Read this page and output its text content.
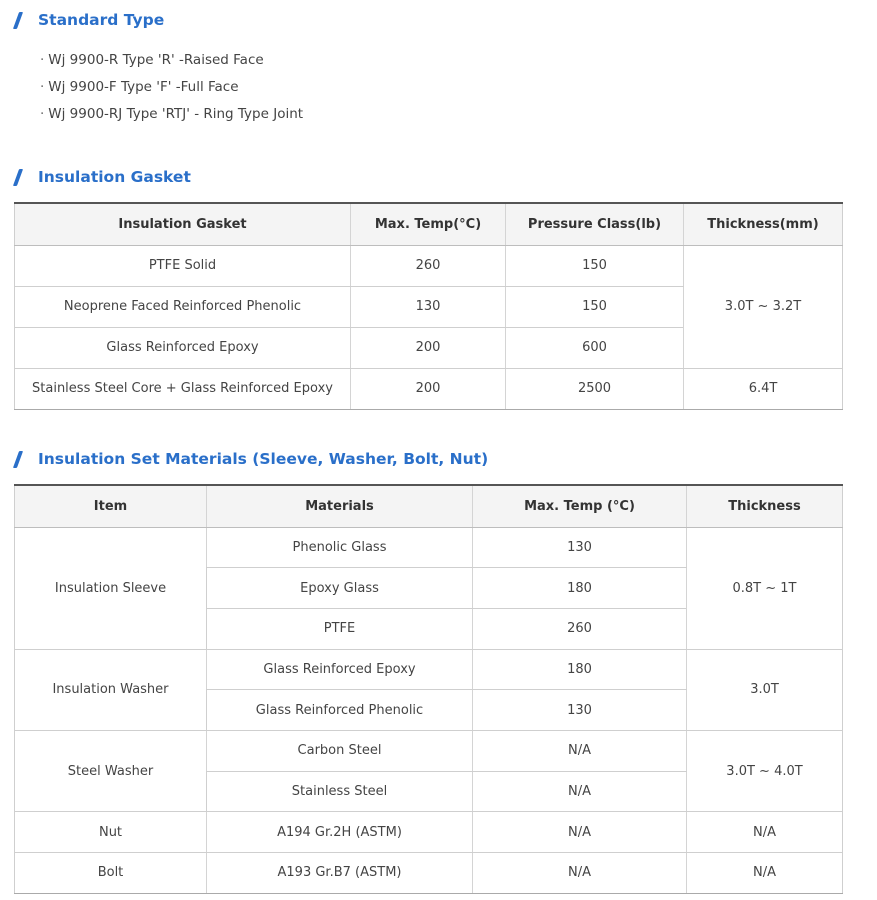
Standard Type
· Wj 9900-R Type 'R' -Raised Face
· Wj 9900-F Type 'F' -Full Face
· Wj 9900-RJ Type 'RTJ' - Ring Type Joint
Insulation Gasket
Insulation Gasket	Max. Temp(°C)	Pressure Class(lb)	Thickness(mm)
PTFE Solid	260	150	3.0T ~ 3.2T
Neoprene Faced Reinforced Phenolic	130	150	
Glass Reinforced Epoxy	200	600	
Stainless Steel Core + Glass Reinforced Epoxy	200	2500	6.4T
Insulation Set Materials (Sleeve, Washer, Bolt, Nut)
Item	Materials	Max. Temp (°C)	Thickness
Insulation Sleeve	Phenolic Glass	130	0.8T ~ 1T
	Epoxy Glass	180	
	PTFE	260	
Insulation Washer	Glass Reinforced Epoxy	180	3.0T
	Glass Reinforced Phenolic	130	
Steel Washer	Carbon Steel	N/A	3.0T ~ 4.0T
	Stainless Steel	N/A	
Nut	A194 Gr.2H (ASTM)	N/A	N/A
Bolt	A193 Gr.B7 (ASTM)	N/A	N/A
